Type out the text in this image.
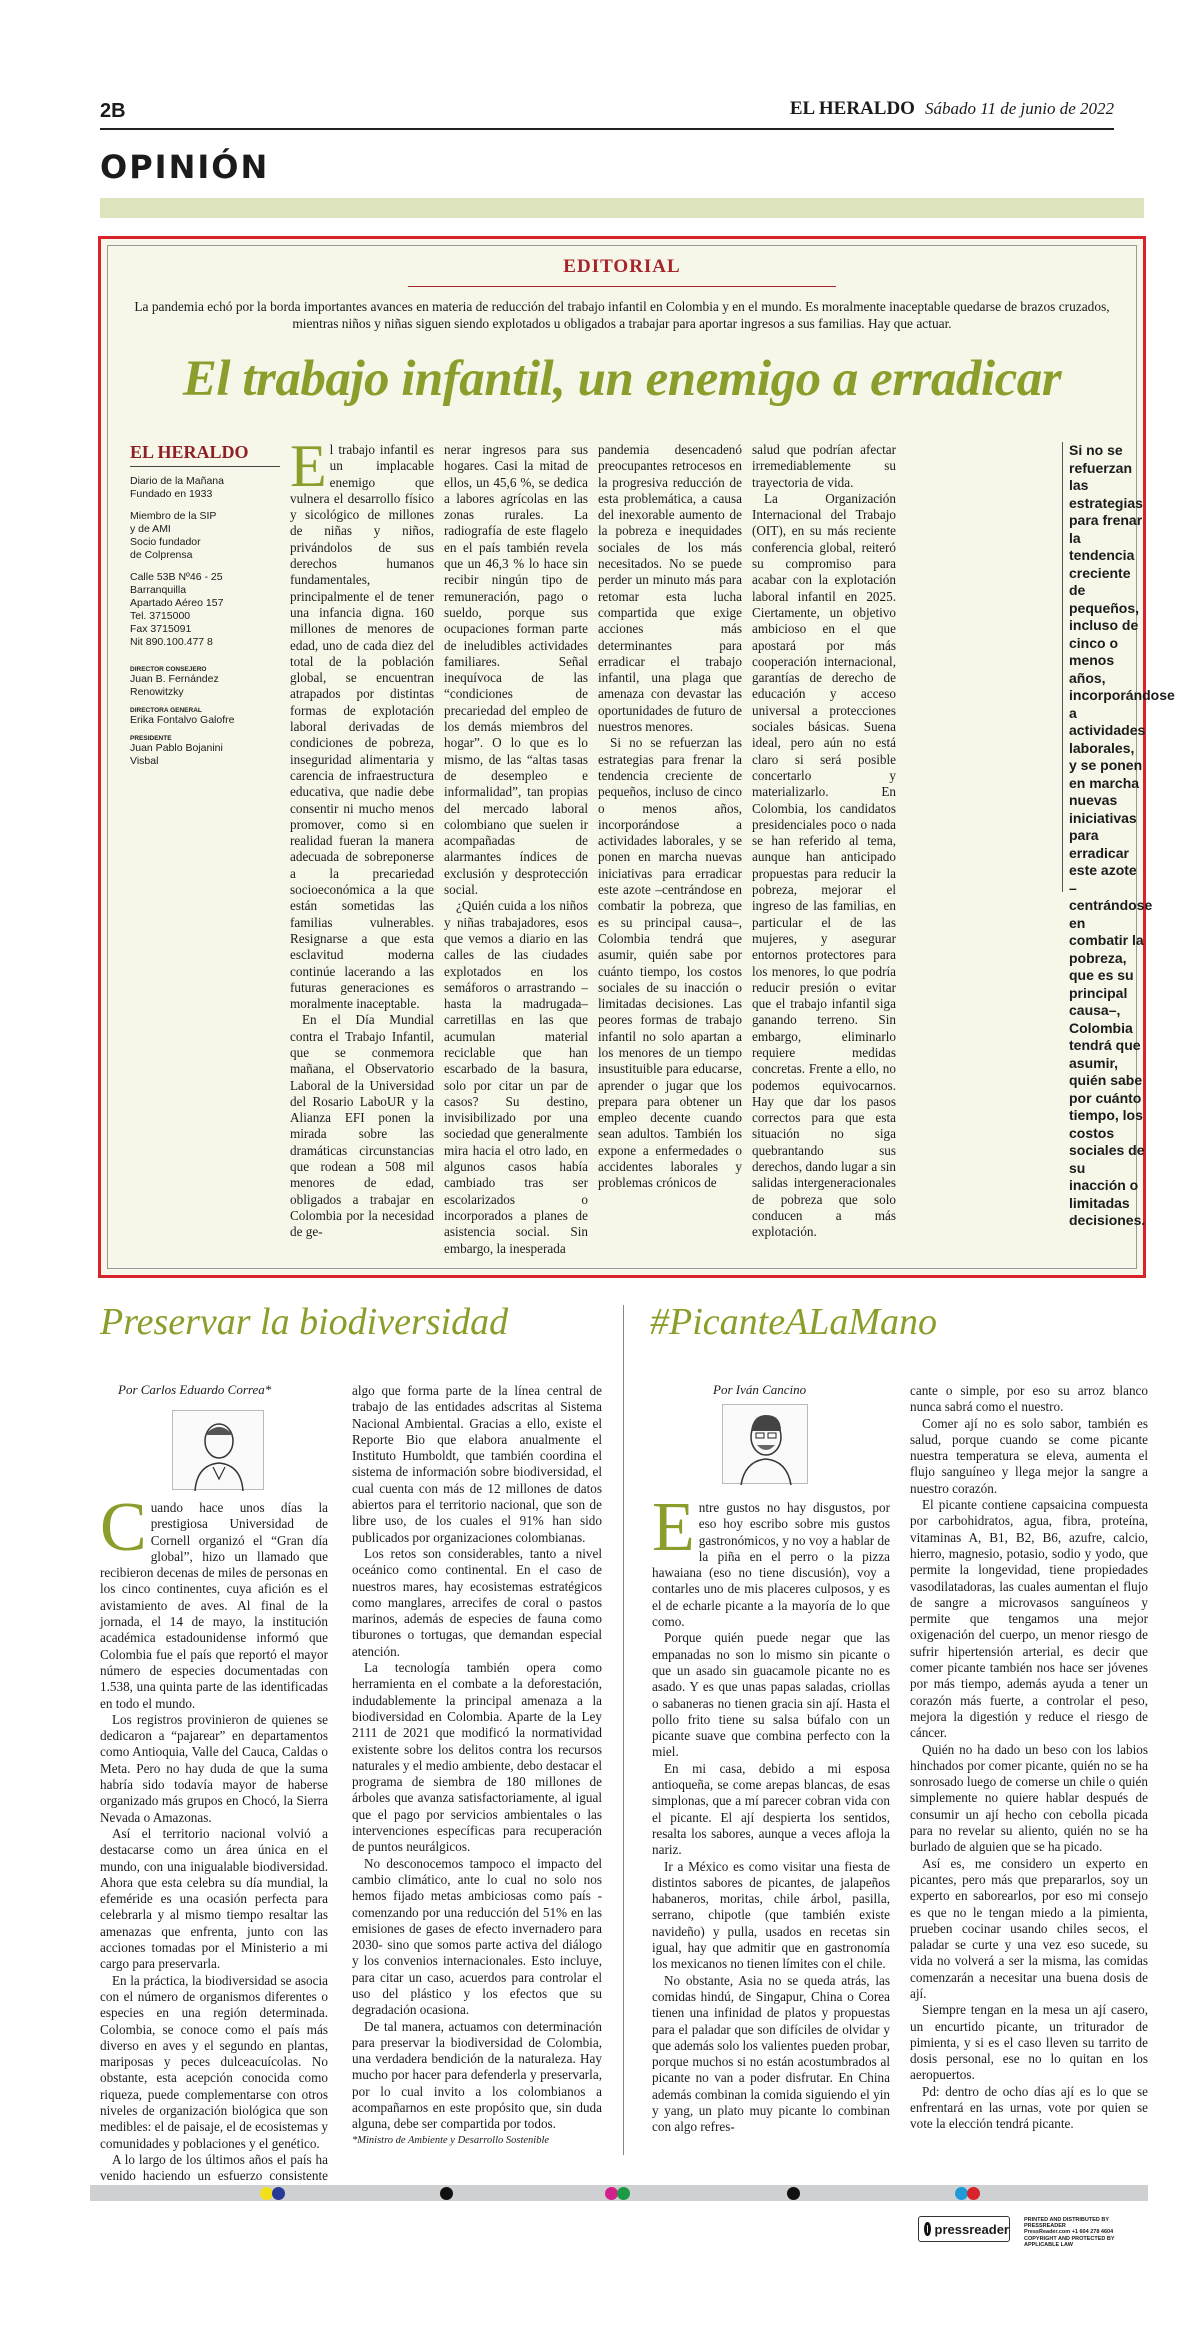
2B	EL HERALDO Sábado 11 de junio de 2022
OPINIÓN
EDITORIAL

La pandemia echó por la borda importantes avances en materia de reducción del trabajo infantil en Colombia y en el mundo. Es moralmente inaceptable quedarse de brazos cruzados, mientras niños y niñas siguen siendo explotados u obligados a trabajar para aportar ingresos a sus familias. Hay que actuar.

El trabajo infantil, un enemigo a erradicar
EL HERALDO
Diario de la Mañana
Fundado en 1933
Miembro de la SIP
y de AMI
Socio fundador
de Colprensa
Calle 53B Nº46 - 25
Barranquilla
Apartado Aéreo 157
Tel. 3715000
Fax 3715091
Nit 890.100.477 8
DIRECTOR CONSEJERO
Juan B. Fernández
Renowitzky
DIRECTORA GENERAL
Erika Fontalvo Galofre
PRESIDENTE
Juan Pablo Bojanini
Visbal

El trabajo infantil es un implacable enemigo que vulnera el desarrollo físico y sicológico de millones de niñas y niños, privándolos de sus derechos humanos fundamentales, principalmente el de tener una infancia digna. 160 millones de menores de edad, uno de cada diez del total de la población global, se encuentran atrapados por distintas formas de explotación laboral derivadas de condiciones de pobreza, inseguridad alimentaria y carencia de infraestructura educativa, que nadie debe consentir ni mucho menos promover, como si en realidad fueran la manera adecuada de sobreponerse a la precariedad socioeconómica a la que están sometidas las familias vulnerables. Resignarse a que esta esclavitud moderna continúe lacerando a las futuras generaciones es moralmente inaceptable.

En el Día Mundial contra el Trabajo Infantil, que se conmemora mañana, el Observatorio Laboral de la Universidad del Rosario LaboUR y la Alianza EFI ponen la mirada sobre las dramáticas circunstancias que rodean a 508 mil menores de edad, obligados a trabajar en Colombia por la necesidad de ge-

nerar ingresos para sus hogares. Casi la mitad de ellos, un 45,6 %, se dedica a labores agrícolas en las zonas rurales. La radiografía de este flagelo en el país también revela que un 46,3 % lo hace sin recibir ningún tipo de remuneración, pago o sueldo, porque sus ocupaciones forman parte de ineludibles actividades familiares. Señal inequívoca de las “condiciones de precariedad del empleo de los demás miembros del hogar”. O lo que es lo mismo, de las “altas tasas de desempleo e informalidad”, tan propias del mercado laboral colombiano que suelen ir acompañadas de alarmantes índices de exclusión y desprotección social.

¿Quién cuida a los niños y niñas trabajadores, esos que vemos a diario en las calles de las ciudades explotados en los semáforos o arrastrando –hasta la madrugada– carretillas en las que acumulan material reciclable que han escarbado de la basura, solo por citar un par de casos? Su destino, invisibilizado por una sociedad que generalmente mira hacia el otro lado, en algunos casos había cambiado tras ser escolarizados o incorporados a planes de asistencia social. Sin embargo, la inesperada

pandemia desencadenó preocupantes retrocesos en la progresiva reducción de esta problemática, a causa del inexorable aumento de la pobreza e inequidades sociales de los más necesitados. No se puede perder un minuto más para retomar esta lucha compartida que exige acciones más determinantes para erradicar el trabajo infantil, una plaga que amenaza con devastar las oportunidades de futuro de nuestros menores.

Si no se refuerzan las estrategias para frenar la tendencia creciente de pequeños, incluso de cinco o menos años, incorporándose a actividades laborales, y se ponen en marcha nuevas iniciativas para erradicar este azote –centrándose en combatir la pobreza, que es su principal causa–, Colombia tendrá que asumir, quién sabe por cuánto tiempo, los costos sociales de su inacción o limitadas decisiones. Las peores formas de trabajo infantil no solo apartan a los menores de un tiempo insustituible para educarse, aprender o jugar que los prepara para obtener un empleo decente cuando sean adultos. También los expone a enfermedades o accidentes laborales y problemas crónicos de

salud que podrían afectar irremediablemente su trayectoria de vida.

La Organización Internacional del Trabajo (OIT), en su más reciente conferencia global, reiteró su compromiso para acabar con la explotación laboral infantil en 2025. Ciertamente, un objetivo ambicioso en el que apostará por más cooperación internacional, garantías de derecho de educación y acceso universal a protecciones sociales básicas. Suena ideal, pero aún no está claro si será posible concertarlo y materializarlo. En Colombia, los candidatos presidenciales poco o nada se han referido al tema, aunque han anticipado propuestas para reducir la pobreza, mejorar el ingreso de las familias, en particular el de las mujeres, y asegurar entornos protectores para los menores, lo que podría reducir presión o evitar que el trabajo infantil siga ganando terreno. Sin embargo, eliminarlo requiere medidas concretas. Frente a ello, no podemos equivocarnos. Hay que dar los pasos correctos para que esta situación no siga quebrantando sus derechos, dando lugar a sin salidas intergeneracionales de pobreza que solo conducen a más explotación.

Si no se refuerzan las estrategias para frenar la tendencia creciente de pequeños, incluso de cinco o menos años, incorporándose a actividades laborales, y se ponen en marcha nuevas iniciativas para erradicar este azote –centrándose en combatir la pobreza, que es su principal causa–, Colombia tendrá que asumir, quién sabe por cuánto tiempo, los costos sociales de su inacción o limitadas decisiones.
Preservar la biodiversidad
Por Carlos Eduardo Correa*

Cuando hace unos días la prestigiosa Universidad de Cornell organizó el “Gran día global”, hizo un llamado que recibieron decenas de miles de personas en los cinco continentes, cuya afición es el avistamiento de aves. Al final de la jornada, el 14 de mayo, la institución académica estadounidense informó que Colombia fue el país que reportó el mayor número de especies documentadas con 1.538, una quinta parte de las identificadas en todo el mundo.

Los registros provinieron de quienes se dedicaron a “pajarear” en departamentos como Antioquia, Valle del Cauca, Caldas o Meta. Pero no hay duda de que la suma habría sido todavía mayor de haberse organizado más grupos en Chocó, la Sierra Nevada o Amazonas.

Así el territorio nacional volvió a destacarse como un área única en el mundo, con una inigualable biodiversidad. Ahora que esta celebra su día mundial, la efeméride es una ocasión perfecta para celebrarla y al mismo tiempo resaltar las amenazas que enfrenta, junto con las acciones tomadas por el Ministerio a mi cargo para preservarla.

En la práctica, la biodiversidad se asocia con el número de organismos diferentes o especies en una región determinada. Colombia, se conoce como el país más diverso en aves y el segundo en plantas, mariposas y peces dulceacuícolas. No obstante, esta acepción conocida como riqueza, puede complementarse con otros niveles de organización biológica que son medibles: el de paisaje, el de ecosistemas y comunidades y poblaciones y el genético.

A lo largo de los últimos años el país ha venido haciendo un esfuerzo consistente

algo que forma parte de la línea central de trabajo de las entidades adscritas al Sistema Nacional Ambiental. Gracias a ello, existe el Reporte Bio que elabora anualmente el Instituto Humboldt, que también coordina el sistema de información sobre biodiversidad, el cual cuenta con más de 12 millones de datos abiertos para el territorio nacional, que son de libre uso, de los cuales el 91% han sido publicados por organizaciones colombianas.

Los retos son considerables, tanto a nivel oceánico como continental. En el caso de nuestros mares, hay ecosistemas estratégicos como manglares, arrecifes de coral o pastos marinos, además de especies de fauna como tiburones o tortugas, que demandan especial atención.

La tecnología también opera como herramienta en el combate a la deforestación, indudablemente la principal amenaza a la biodiversidad en Colombia. Aparte de la Ley 2111 de 2021 que modificó la normatividad existente sobre los delitos contra los recursos naturales y el medio ambiente, debo destacar el programa de siembra de 180 millones de árboles que avanza satisfactoriamente, al igual que el pago por servicios ambientales o las intervenciones específicas para recuperación de puntos neurálgicos.

No desconocemos tampoco el impacto del cambio climático, ante lo cual no solo nos hemos fijado metas ambiciosas como país -comenzando por una reducción del 51% en las emisiones de gases de efecto invernadero para 2030- sino que somos parte activa del diálogo y los convenios internacionales. Esto incluye, para citar un caso, acuerdos para controlar el uso del plástico y los efectos que su degradación ocasiona.

De tal manera, actuamos con determinación para preservar la biodiversidad de Colombia, una verdadera bendición de la naturaleza. Hay mucho por hacer para defenderla y preservarla, por lo cual invito a los colombianos a acompañarnos en este propósito que, sin duda alguna, debe ser compartida por todos.

*Ministro de Ambiente y Desarrollo Sostenible

#PicanteALaMano
Por Iván Cancino

Entre gustos no hay disgustos, por eso hoy escribo sobre mis gustos gastronómicos, y no voy a hablar de la piña en el perro o la pizza hawaiana (eso no tiene discusión), voy a contarles uno de mis placeres culposos, y es el de echarle picante a la mayoría de lo que como.

Porque quién puede negar que las empanadas no son lo mismo sin picante o que un asado sin guacamole picante no es asado. Y es que unas papas saladas, criollas o sabaneras no tienen gracia sin ají. Hasta el pollo frito tiene su salsa búfalo con un picante suave que combina perfecto con la miel.

En mi casa, debido a mi esposa antioqueña, se come arepas blancas, de esas simplonas, que a mí parecer cobran vida con el picante. El ají despierta los sentidos, resalta los sabores, aunque a veces afloja la nariz.

Ir a México es como visitar una fiesta de distintos sabores de picantes, de jalapeños habaneros, moritas, chile árbol, pasilla, serrano, chipotle (que también existe navideño) y pulla, usados en recetas sin igual, hay que admitir que en gastronomía los mexicanos no tienen límites con el chile.

No obstante, Asia no se queda atrás, las comidas hindú, de Singapur, China o Corea tienen una infinidad de platos y propuestas para el paladar que son difíciles de olvidar y que además solo los valientes pueden probar, porque muchos si no están acostumbrados al picante no van a poder disfrutar. En China además combinan la comida siguiendo el yin y yang, un plato muy picante lo combinan con algo refres-

cante o simple, por eso su arroz blanco nunca sabrá como el nuestro.

Comer ají no es solo sabor, también es salud, porque cuando se come picante nuestra temperatura se eleva, aumenta el flujo sanguíneo y llega mejor la sangre a nuestro corazón.

El picante contiene capsaicina compuesta por carbohidratos, agua, fibra, proteína, vitaminas A, B1, B2, B6, azufre, calcio, hierro, magnesio, potasio, sodio y yodo, que permite la longevidad, tiene propiedades vasodilatadoras, las cuales aumentan el flujo de sangre a microvasos sanguíneos y permite que tengamos una mejor oxigenación del cuerpo, un menor riesgo de sufrir hipertensión arterial, es decir que comer picante también nos hace ser jóvenes por más tiempo, además ayuda a tener un corazón más fuerte, a controlar el peso, mejora la digestión y reduce el riesgo de cáncer.

Quién no ha dado un beso con los labios hinchados por comer picante, quién no se ha sonrosado luego de comerse un chile o quién simplemente no quiere hablar después de consumir un ají hecho con cebolla picada para no revelar su aliento, quién no se ha burlado de alguien que se ha picado.

Así es, me considero un experto en picantes, pero más que prepararlos, soy un experto en saborearlos, por eso mi consejo es que no le tengan miedo a la pimienta, prueben cocinar usando chiles secos, el paladar se curte y una vez eso sucede, su vida no volverá a ser la misma, las comidas comenzarán a necesitar una buena dosis de ají.

Siempre tengan en la mesa un ají casero, un encurtido picante, un triturador de pimienta, y si es el caso lleven su tarrito de dosis personal, ese no lo quitan en los aeropuertos.

Pd: dentro de ocho días ají es lo que se enfrentará en las urnas, vote por quien se vote la elección tendrá picante.

pressreader
PRINTED AND DISTRIBUTED BY PRESSREADER
PressReader.com +1 604 278 4604
COPYRIGHT AND PROTECTED BY APPLICABLE LAW
